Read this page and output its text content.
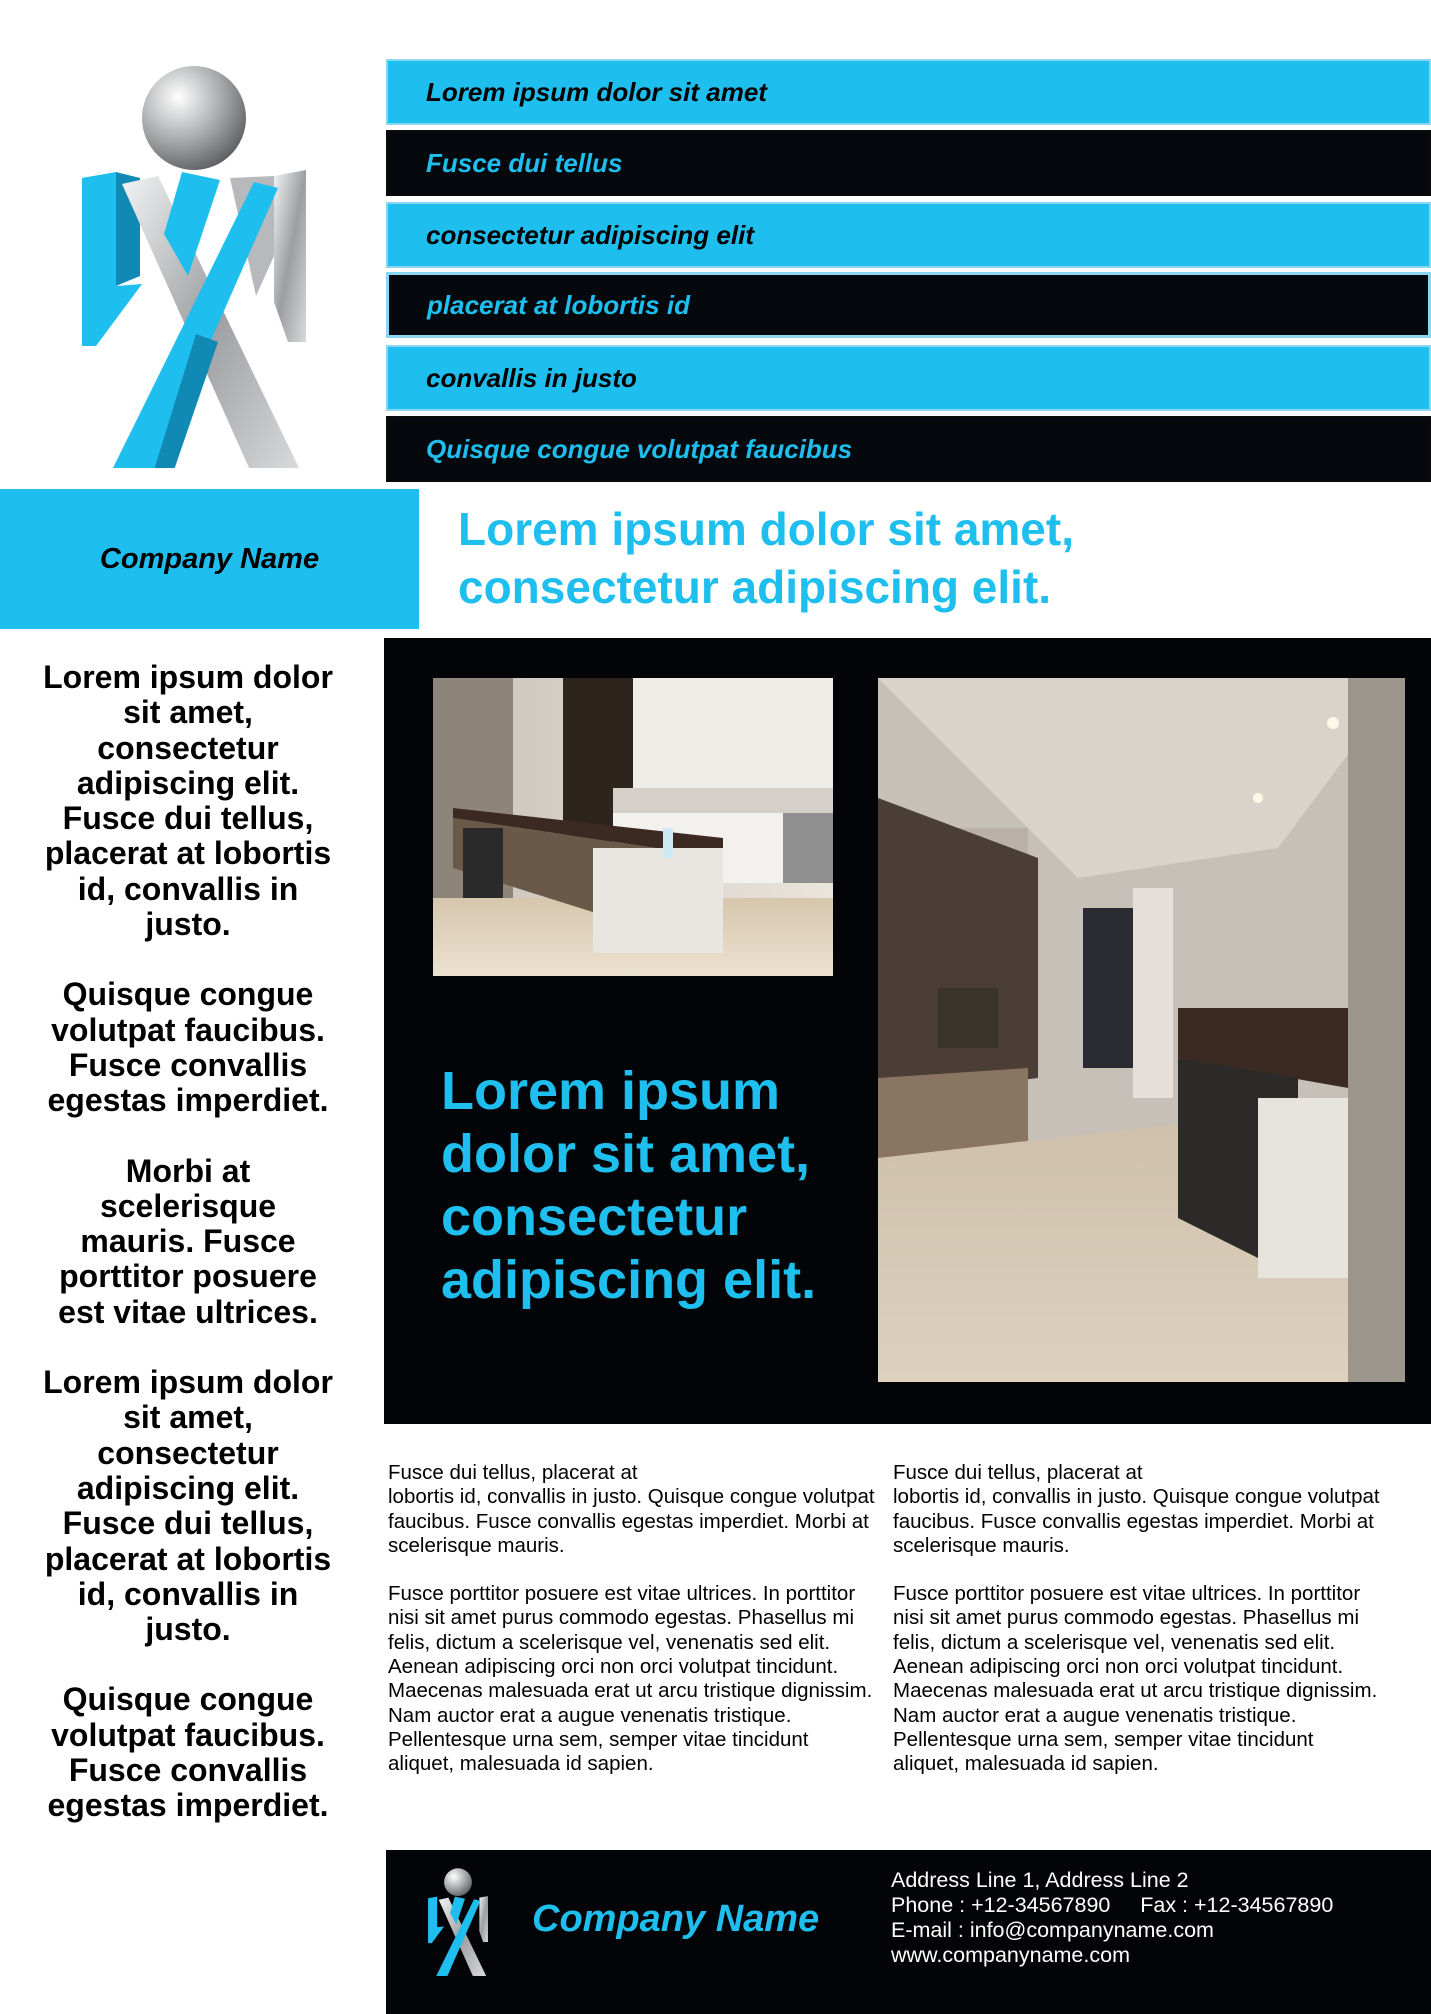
Lorem ipsum dolor sit amet
Fusce dui tellus
consectetur adipiscing elit
placerat at lobortis id
convallis in justo
Quisque congue volutpat faucibus
Company Name
Lorem ipsum dolor sit amet,
consectetur adipiscing elit.

Lorem ipsum dolor sit amet, consectetur adipiscing elit. Fusce dui tellus, placerat at lobortis id, convallis in justo.

Quisque congue volutpat faucibus. Fusce convallis egestas imperdiet.

Morbi at scelerisque mauris. Fusce porttitor posuere est vitae ultrices.

Lorem ipsum dolor sit amet, consectetur adipiscing elit. Fusce dui tellus, placerat at lobortis id, convallis in justo.

Quisque congue volutpat faucibus. Fusce convallis egestas imperdiet.

Lorem ipsum
dolor sit amet,
consectetur
adipiscing elit.

Fusce dui tellus, placerat at
lobortis id, convallis in justo. Quisque congue volutpat faucibus. Fusce convallis egestas imperdiet. Morbi at scelerisque mauris.

Fusce porttitor posuere est vitae ultrices. In porttitor nisi sit amet purus commodo egestas. Phasellus mi felis, dictum a scelerisque vel, venenatis sed elit. Aenean adipiscing orci non orci volutpat tincidunt. Maecenas malesuada erat ut arcu tristique dignissim. Nam auctor erat a augue venenatis tristique. Pellentesque urna sem, semper vitae tincidunt aliquet, malesuada id sapien.

Fusce dui tellus, placerat at
lobortis id, convallis in justo. Quisque congue volutpat faucibus. Fusce convallis egestas imperdiet. Morbi at scelerisque mauris.

Fusce porttitor posuere est vitae ultrices. In porttitor nisi sit amet purus commodo egestas. Phasellus mi felis, dictum a scelerisque vel, venenatis sed elit. Aenean adipiscing orci non orci volutpat tincidunt. Maecenas malesuada erat ut arcu tristique dignissim. Nam auctor erat a augue venenatis tristique. Pellentesque urna sem, semper vitae tincidunt aliquet, malesuada id sapien.

Company Name
Address Line 1, Address Line 2
Phone : +12-34567890     Fax : +12-34567890
E-mail : info@companyname.com
www.companyname.com
